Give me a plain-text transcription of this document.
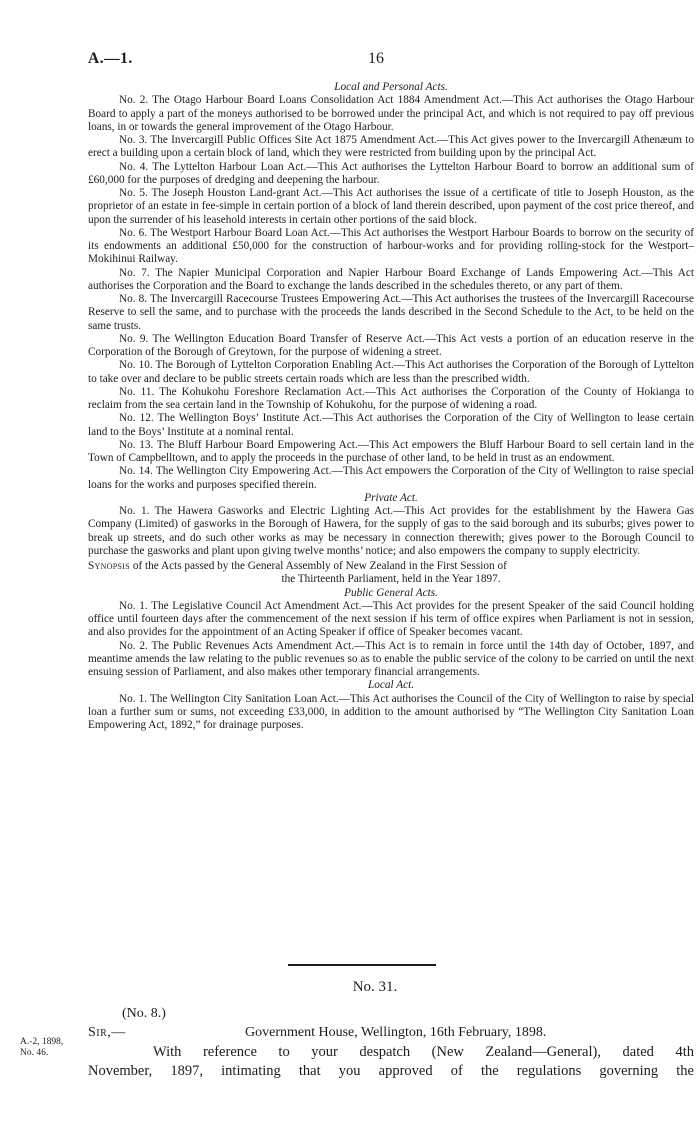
A.—1.	16

Local and Personal Acts.

No. 2. The Otago Harbour Board Loans Consolidation Act 1884 Amendment Act.—This Act authorises the Otago Harbour Board to apply a part of the moneys authorised to be borrowed under the principal Act, and which is not required to pay off previous loans, in or towards the general improvement of the Otago Harbour.

No. 3. The Invercargill Public Offices Site Act 1875 Amendment Act.—This Act gives power to the Invercargill Athenæum to erect a building upon a certain block of land, which they were restricted from building upon by the principal Act.

No. 4. The Lyttelton Harbour Loan Act.—This Act authorises the Lyttelton Harbour Board to borrow an additional sum of £60,000 for the purposes of dredging and deepening the harbour.

No. 5. The Joseph Houston Land-grant Act.—This Act authorises the issue of a certificate of title to Joseph Houston, as the proprietor of an estate in fee-simple in certain portion of a block of land therein described, upon payment of the cost price thereof, and upon the surrender of his leasehold interests in certain other portions of the said block.

No. 6. The Westport Harbour Board Loan Act.—This Act authorises the Westport Harbour Boards to borrow on the security of its endowments an additional £50,000 for the construction of harbour-works and for providing rolling-stock for the Westport–Mokihinui Railway.

No. 7. The Napier Municipal Corporation and Napier Harbour Board Exchange of Lands Empowering Act.—This Act authorises the Corporation and the Board to exchange the lands described in the schedules thereto, or any part of them.

No. 8. The Invercargill Racecourse Trustees Empowering Act.—This Act authorises the trustees of the Invercargill Racecourse Reserve to sell the same, and to purchase with the proceeds the lands described in the Second Schedule to the Act, to be held on the same trusts.

No. 9. The Wellington Education Board Transfer of Reserve Act.—This Act vests a portion of an education reserve in the Corporation of the Borough of Greytown, for the purpose of widening a street.

No. 10. The Borough of Lyttelton Corporation Enabling Act.—This Act authorises the Corporation of the Borough of Lyttelton to take over and declare to be public streets certain roads which are less than the prescribed width.

No. 11. The Kohukohu Foreshore Reclamation Act.—This Act authorises the Corporation of the County of Hokianga to reclaim from the sea certain land in the Township of Kohukohu, for the purpose of widening a road.

No. 12. The Wellington Boys’ Institute Act.—This Act authorises the Corporation of the City of Wellington to lease certain land to the Boys’ Institute at a nominal rental.

No. 13. The Bluff Harbour Board Empowering Act.—This Act empowers the Bluff Harbour Board to sell certain land in the Town of Campbelltown, and to apply the proceeds in the purchase of other land, to be held in trust as an endowment.

No. 14. The Wellington City Empowering Act.—This Act empowers the Corporation of the City of Wellington to raise special loans for the works and purposes specified therein.

Private Act.

No. 1. The Hawera Gasworks and Electric Lighting Act.—This Act provides for the establishment by the Hawera Gas Company (Limited) of gasworks in the Borough of Hawera, for the supply of gas to the said borough and its suburbs; gives power to break up streets, and do such other works as may be necessary in connection therewith; gives power to the Borough Council to purchase the gasworks and plant upon giving twelve months’ notice; and also empowers the company to supply electricity.

Synopsis of the Acts passed by the General Assembly of New Zealand in the First Session of

the Thirteenth Parliament, held in the Year 1897.

Public General Acts.

No. 1. The Legislative Council Act Amendment Act.—This Act provides for the present Speaker of the said Council holding office until fourteen days after the commencement of the next session if his term of office expires when Parliament is not in session, and also provides for the appointment of an Acting Speaker if office of Speaker becomes vacant.

No. 2. The Public Revenues Acts Amendment Act.—This Act is to remain in force until the 14th day of October, 1897, and meantime amends the law relating to the public revenues so as to enable the public service of the colony to be carried on until the next ensuing session of Parliament, and also makes other temporary financial arrangements.

Local Act.

No. 1. The Wellington City Sanitation Loan Act.—This Act authorises the Council of the City of Wellington to raise by special loan a further sum or sums, not exceeding £33,000, in addition to the amount authorised by “The Wellington City Sanitation Loan Empowering Act, 1892,” for drainage purposes.

No. 31.
(No. 8.)
Sir,—	Government House, Wellington, 16th February, 1898.
A.-2, 1898,
No. 46.	With reference to your despatch (New Zealand—General), dated 4th
November, 1897, intimating that you approved of the regulations governing the
